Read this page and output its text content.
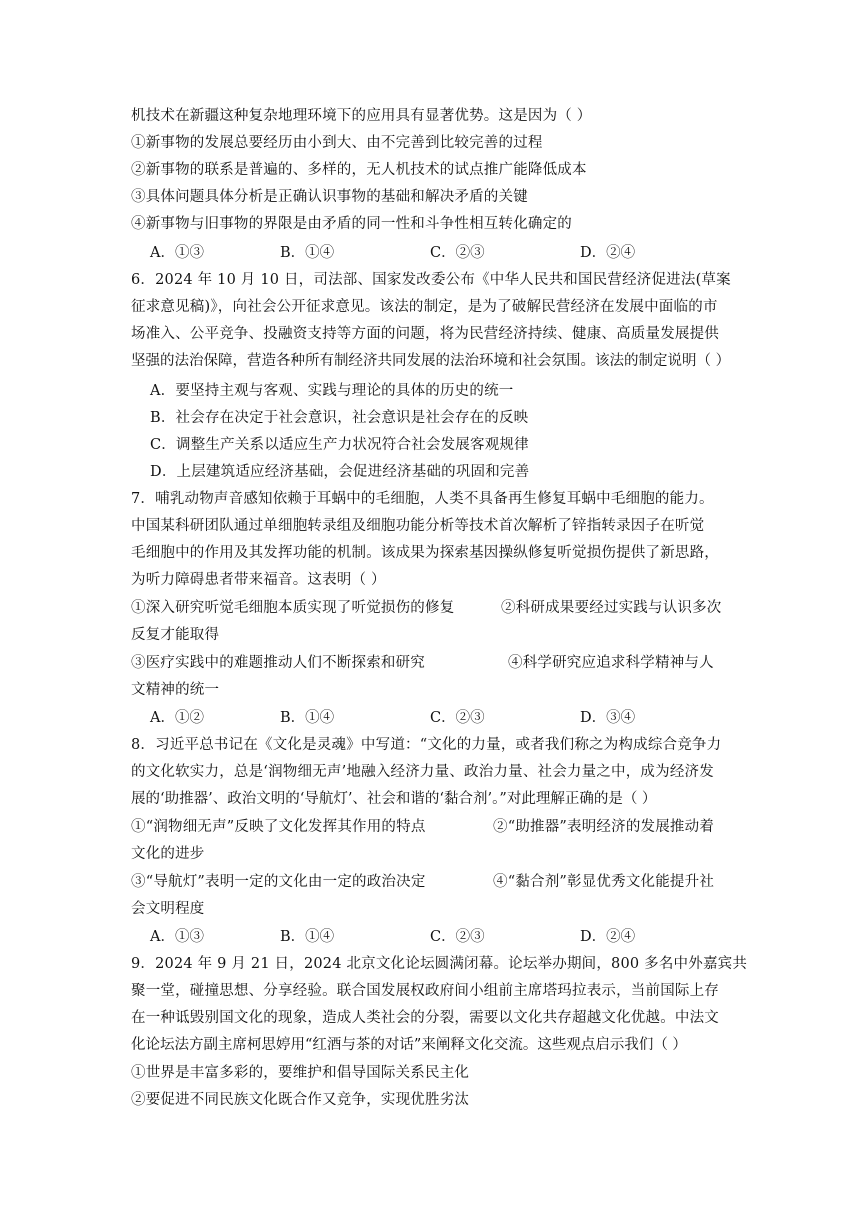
机技术在新疆这种复杂地理环境下的应用具有显著优势。这是因为（ ）
①新事物的发展总要经历由小到大、由不完善到比较完善的过程
②新事物的联系是普遍的、多样的，无人机技术的试点推广能降低成本
③具体问题具体分析是正确认识事物的基础和解决矛盾的关键
④新事物与旧事物的界限是由矛盾的同一性和斗争性相互转化确定的
A．①③	B．①④	C．②③	D．②④
6．2024 年 10 月 10 日，司法部、国家发改委公布《中华人民共和国民营经济促进法(草案
征求意见稿)》，向社会公开征求意见。该法的制定，是为了破解民营经济在发展中面临的市
场准入、公平竞争、投融资支持等方面的问题，将为民营经济持续、健康、高质量发展提供
坚强的法治保障，营造各种所有制经济共同发展的法治环境和社会氛围。该法的制定说明（ ）
A．要坚持主观与客观、实践与理论的具体的历史的统一
B．社会存在决定于社会意识，社会意识是社会存在的反映
C．调整生产关系以适应生产力状况符合社会发展客观规律
D．上层建筑适应经济基础，会促进经济基础的巩固和完善
7．哺乳动物声音感知依赖于耳蜗中的毛细胞，人类不具备再生修复耳蜗中毛细胞的能力。
中国某科研团队通过单细胞转录组及细胞功能分析等技术首次解析了锌指转录因子在听觉
毛细胞中的作用及其发挥功能的机制。该成果为探索基因操纵修复听觉损伤提供了新思路，
为听力障碍患者带来福音。这表明（ ）
①深入研究听觉毛细胞本质实现了听觉损伤的修复	②科研成果要经过实践与认识多次
反复才能取得
③医疗实践中的难题推动人们不断探索和研究	④科学研究应追求科学精神与人
文精神的统一
A．①②	B．①④	C．②③	D．③④
8．习近平总书记在《文化是灵魂》中写道：“文化的力量，或者我们称之为构成综合竞争力
的文化软实力，总是‘润物细无声’地融入经济力量、政治力量、社会力量之中，成为经济发
展的‘助推器’、政治文明的‘导航灯’、社会和谐的‘黏合剂’。”对此理解正确的是（ ）
①“润物细无声”反映了文化发挥其作用的特点	②“助推器”表明经济的发展推动着
文化的进步
③“导航灯”表明一定的文化由一定的政治决定	④“黏合剂”彰显优秀文化能提升社
会文明程度
A．①③	B．①④	C．②③	D．②④
9．2024 年 9 月 21 日，2024 北京文化论坛圆满闭幕。论坛举办期间，800 多名中外嘉宾共
聚一堂，碰撞思想、分享经验。联合国发展权政府间小组前主席塔玛拉表示，当前国际上存
在一种诋毁别国文化的现象，造成人类社会的分裂，需要以文化共存超越文化优越。中法文
化论坛法方副主席柯思婷用“红酒与茶的对话”来阐释文化交流。这些观点启示我们（ ）
①世界是丰富多彩的，要维护和倡导国际关系民主化
②要促进不同民族文化既合作又竞争，实现优胜劣汰
